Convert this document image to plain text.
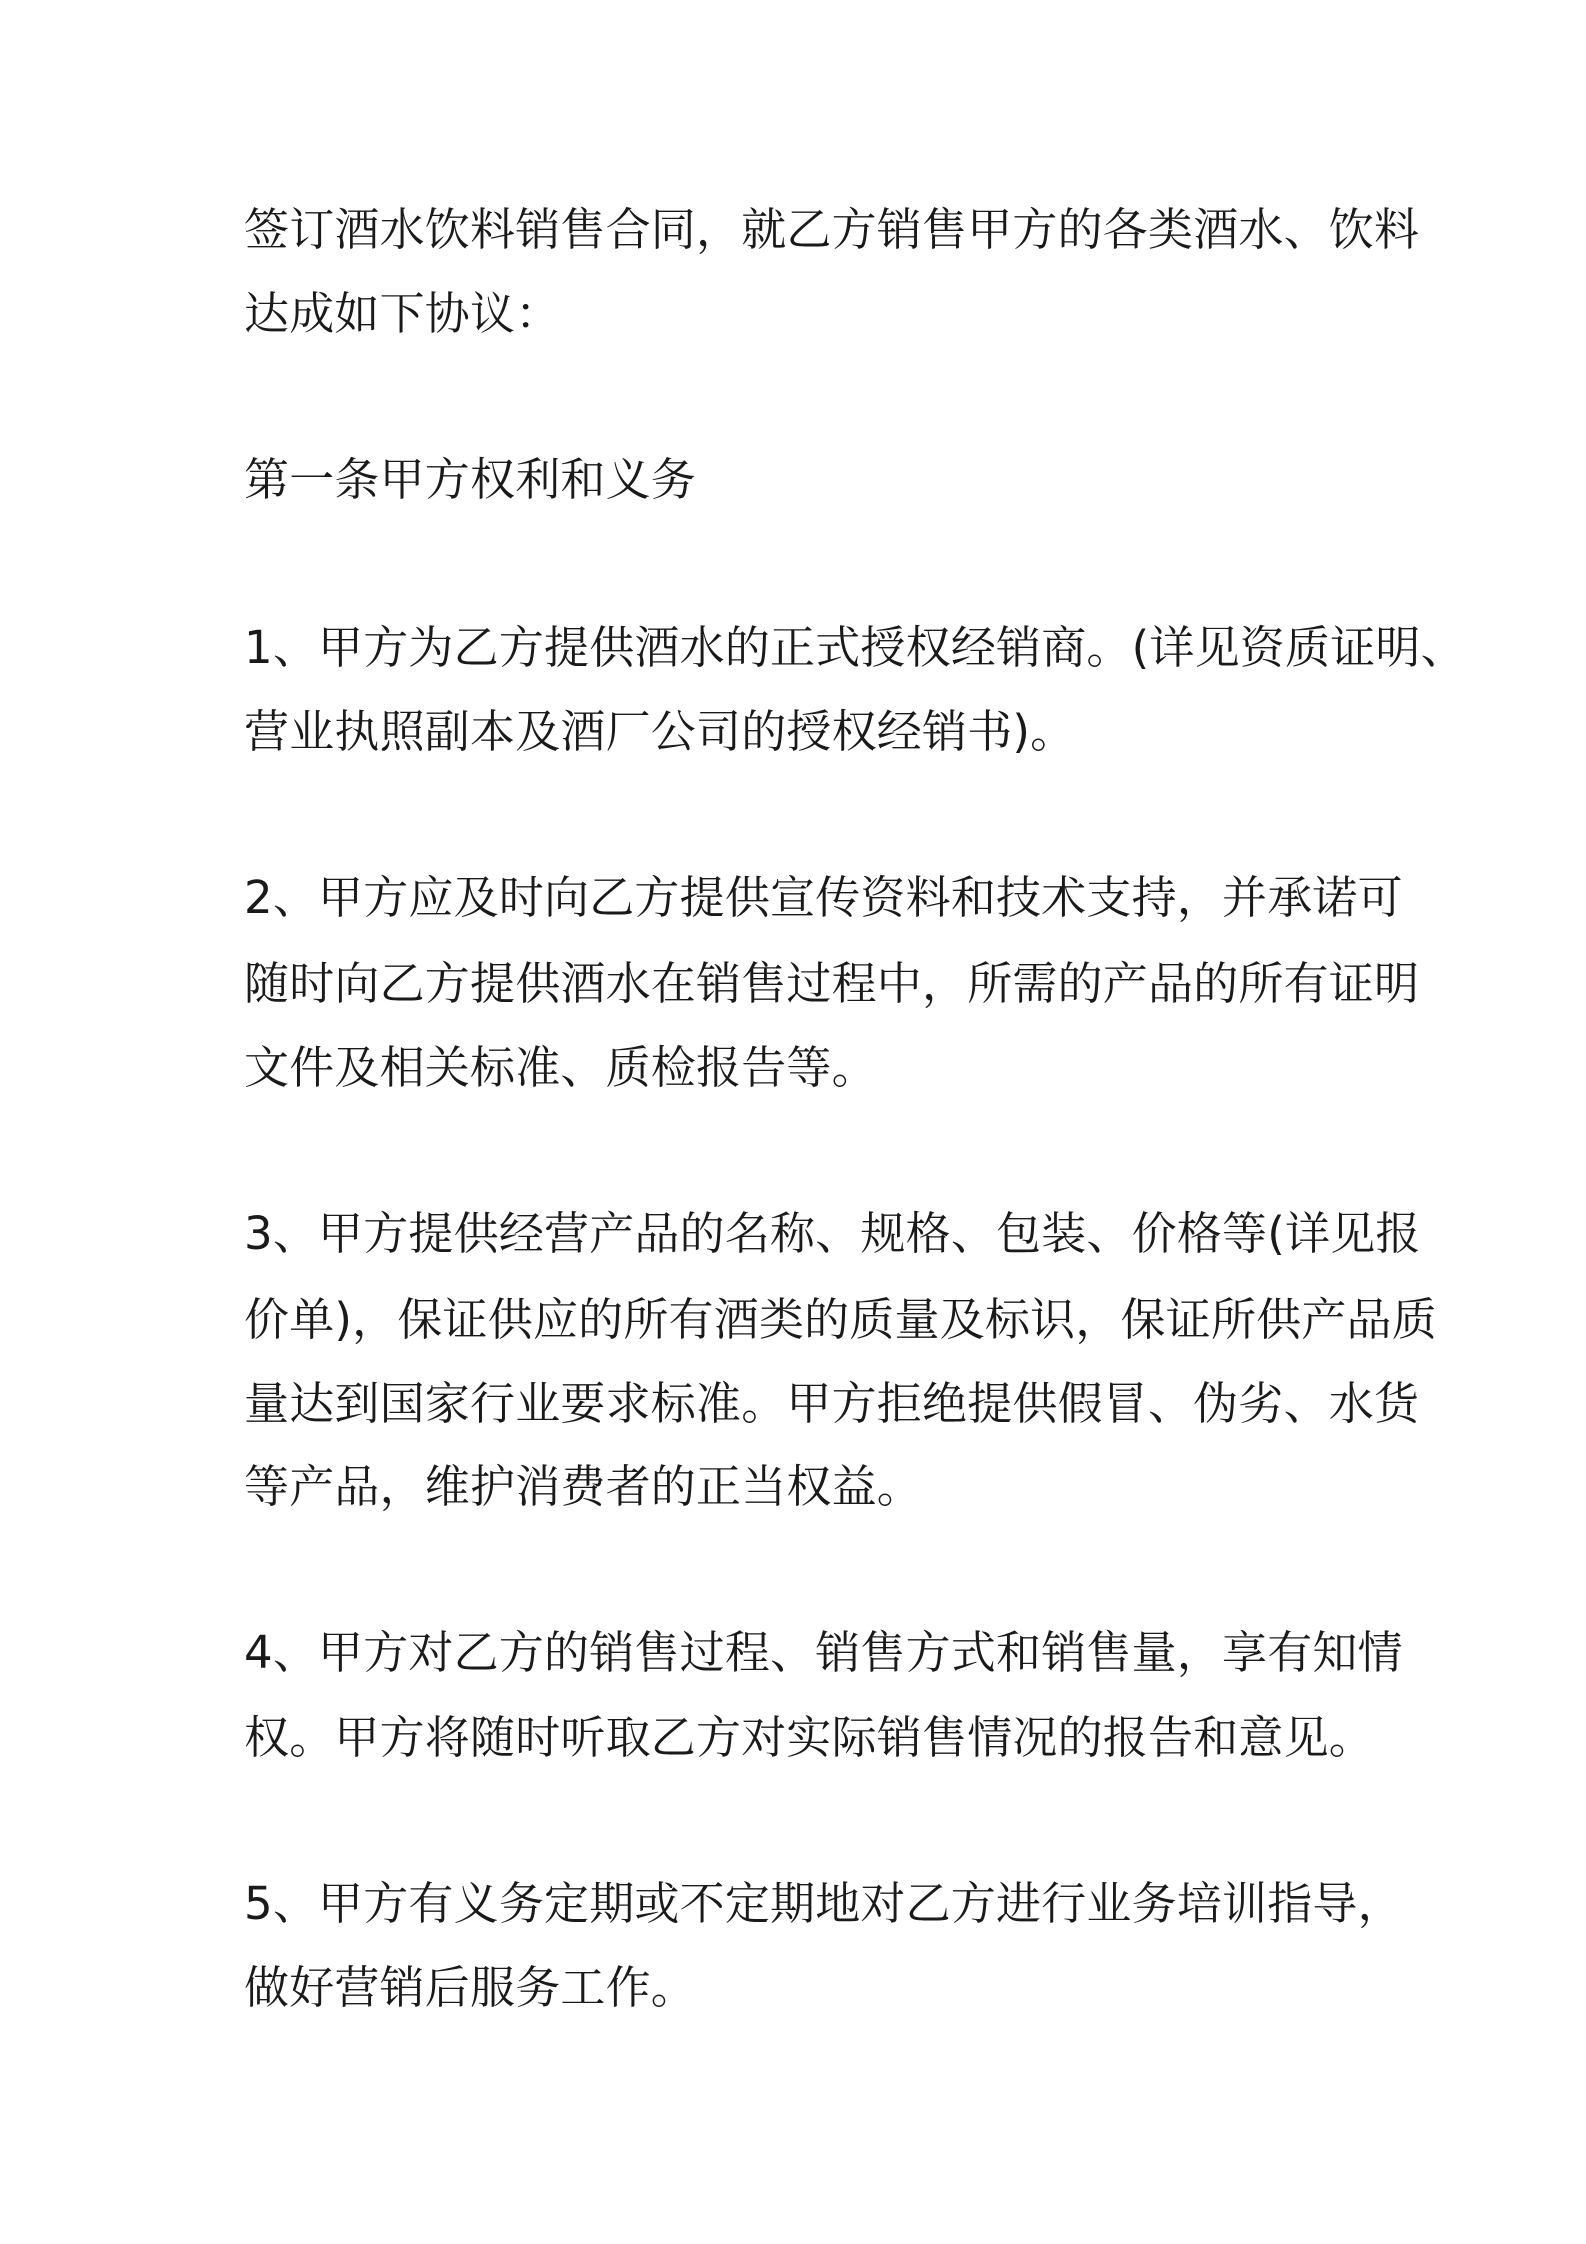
签订酒水饮料销售合同，就乙方销售甲方的各类酒水、饮料

达成如下协议：

第一条甲方权利和义务

1、甲方为乙方提供酒水的正式授权经销商。(详见资质证明、

营业执照副本及酒厂公司的授权经销书)。

2、甲方应及时向乙方提供宣传资料和技术支持，并承诺可

随时向乙方提供酒水在销售过程中，所需的产品的所有证明

文件及相关标准、质检报告等。

3、甲方提供经营产品的名称、规格、包装、价格等(详见报

价单)，保证供应的所有酒类的质量及标识，保证所供产品质

量达到国家行业要求标准。甲方拒绝提供假冒、伪劣、水货

等产品，维护消费者的正当权益。

4、甲方对乙方的销售过程、销售方式和销售量，享有知情

权。甲方将随时听取乙方对实际销售情况的报告和意见。

5、甲方有义务定期或不定期地对乙方进行业务培训指导，

做好营销后服务工作。
